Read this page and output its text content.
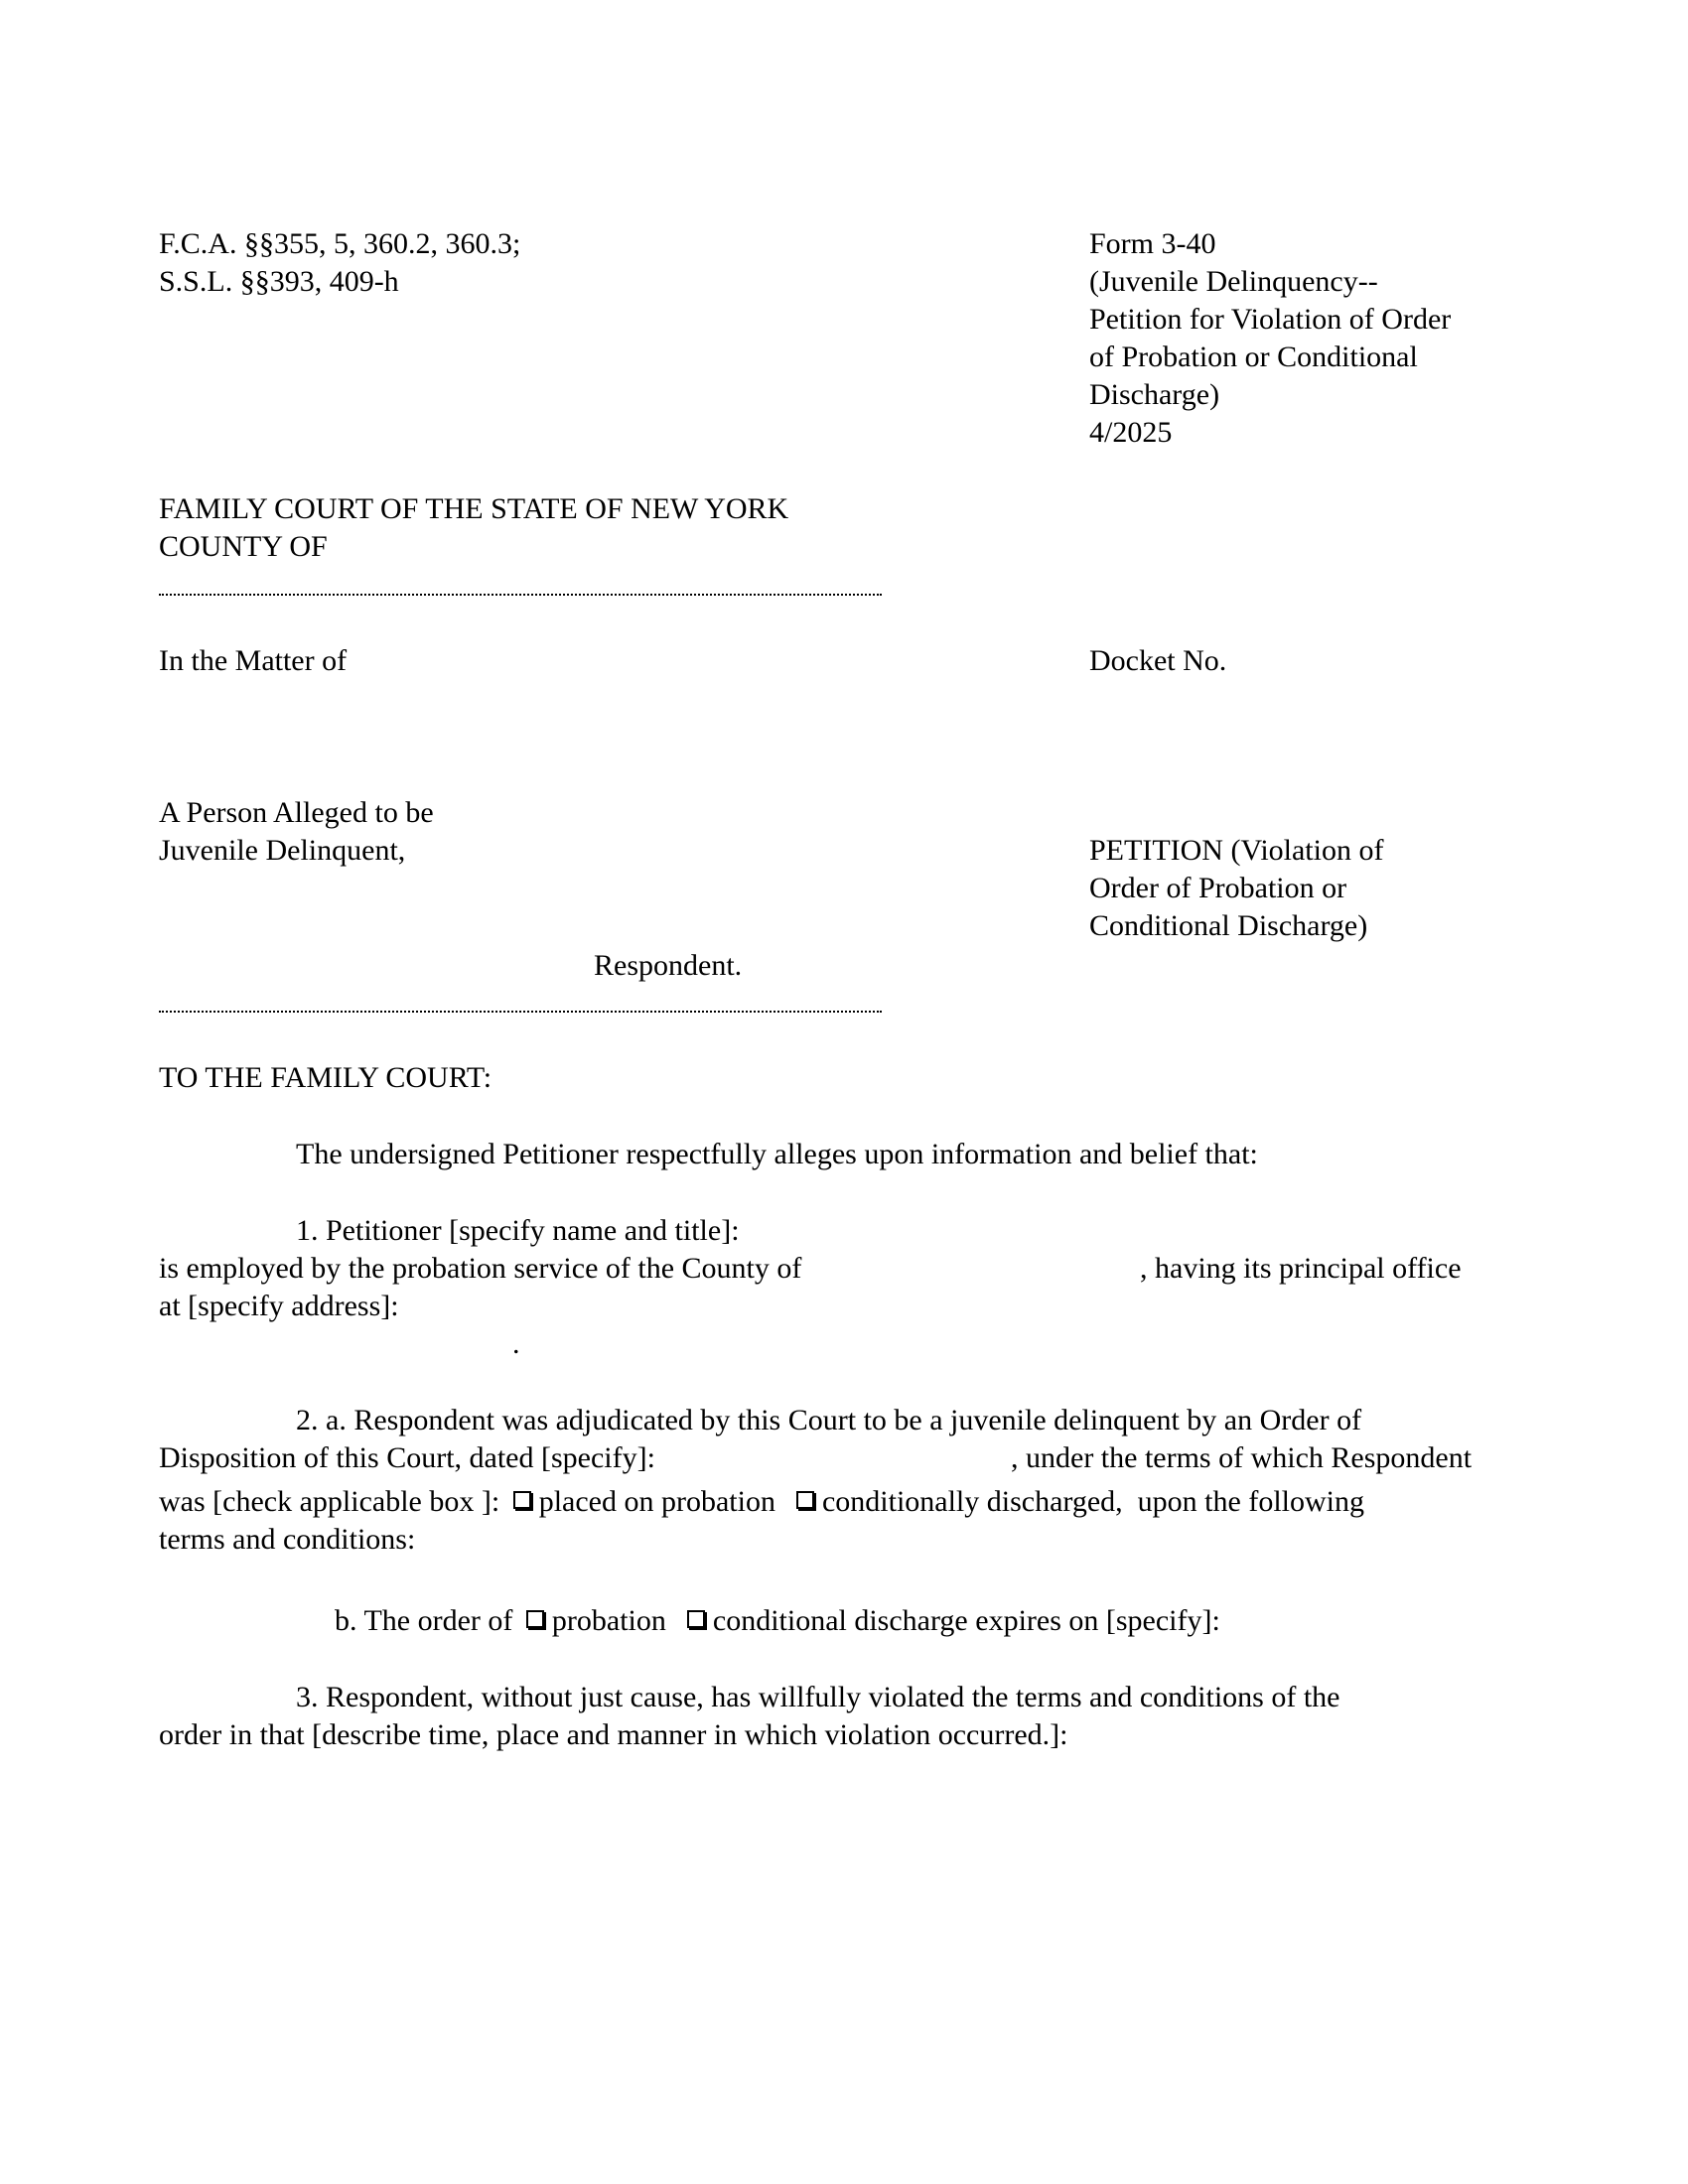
F.C.A. §§355, 5, 360.2, 360.3;
S.S.L. §§393, 409-h
Form 3-40
(Juvenile Delinquency--
Petition for Violation of Order
of Probation or Conditional
Discharge)
4/2025
FAMILY COURT OF THE STATE OF NEW YORK
COUNTY OF
In the Matter of	Docket No.
A Person Alleged to be
Juvenile Delinquent,	PETITION (Violation of
Order of Probation or
Conditional Discharge)
Respondent.
TO THE FAMILY COURT:
The undersigned Petitioner respectfully alleges upon information and belief that:
1. Petitioner [specify name and title]:
is employed by the probation service of the County of	, having its principal office
at [specify address]:
.
2. a. Respondent was adjudicated by this Court to be a juvenile delinquent by an Order of
Disposition of this Court, dated [specify]:	, under the terms of which Respondent
was [check applicable box ]: placed on probation conditionally discharged, upon the following
terms and conditions:
b. The order of probation conditional discharge expires on [specify]:
3. Respondent, without just cause, has willfully violated the terms and conditions of the
order in that [describe time, place and manner in which violation occurred.]:
